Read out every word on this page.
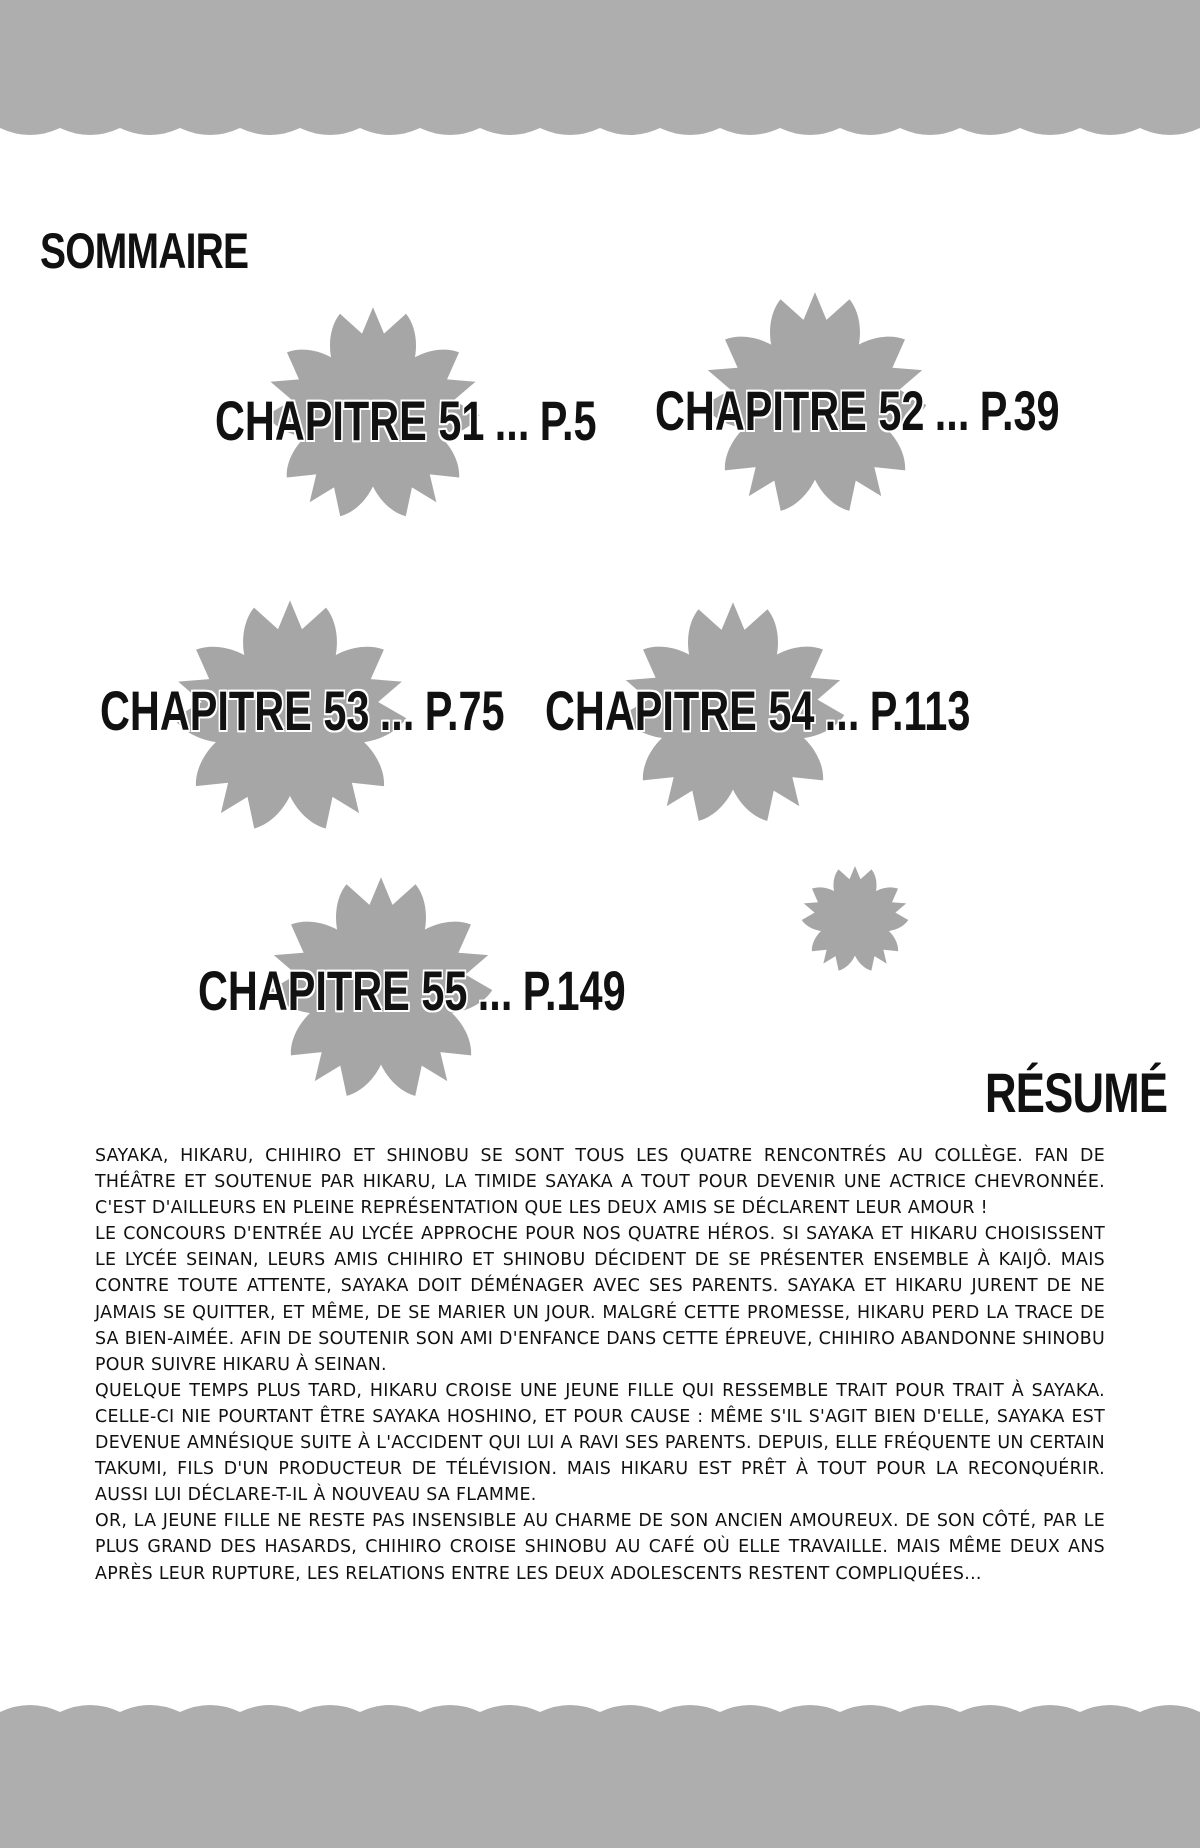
SOMMAIRE
CHAPITRE 51 ... P.5 CHAPITRE 52 ... P.39
CHAPITRE 53 ... P.75 CHAPITRE 54 ... P.113
CHAPITRE 55 ... P.149
RÉSUMÉ

SAYAKA, HIKARU, CHIHIRO ET SHINOBU SE SONT TOUS LES QUATRE RENCONTRÉS AU COLLÈGE. FAN DE THÉÂTRE ET SOUTENUE PAR HIKARU, LA TIMIDE SAYAKA A TOUT POUR DEVENIR UNE ACTRICE CHEVRONNÉE. C'EST D'AILLEURS EN PLEINE REPRÉSENTATION QUE LES DEUX AMIS SE DÉCLARENT LEUR AMOUR !

LE CONCOURS D'ENTRÉE AU LYCÉE APPROCHE POUR NOS QUATRE HÉROS. SI SAYAKA ET HIKARU CHOISISSENT LE LYCÉE SEINAN, LEURS AMIS CHIHIRO ET SHINOBU DÉCIDENT DE SE PRÉSENTER ENSEMBLE À KAIJÔ. MAIS CONTRE TOUTE ATTENTE, SAYAKA DOIT DÉMÉNAGER AVEC SES PARENTS. SAYAKA ET HIKARU JURENT DE NE JAMAIS SE QUITTER, ET MÊME, DE SE MARIER UN JOUR. MALGRÉ CETTE PROMESSE, HIKARU PERD LA TRACE DE SA BIEN-AIMÉE. AFIN DE SOUTENIR SON AMI D'ENFANCE DANS CETTE ÉPREUVE, CHIHIRO ABANDONNE SHINOBU POUR SUIVRE HIKARU À SEINAN.

QUELQUE TEMPS PLUS TARD, HIKARU CROISE UNE JEUNE FILLE QUI RESSEMBLE TRAIT POUR TRAIT À SAYAKA. CELLE-CI NIE POURTANT ÊTRE SAYAKA HOSHINO, ET POUR CAUSE : MÊME S'IL S'AGIT BIEN D'ELLE, SAYAKA EST DEVENUE AMNÉSIQUE SUITE À L'ACCIDENT QUI LUI A RAVI SES PARENTS. DEPUIS, ELLE FRÉQUENTE UN CERTAIN TAKUMI, FILS D'UN PRODUCTEUR DE TÉLÉVISION. MAIS HIKARU EST PRÊT À TOUT POUR LA RECONQUÉRIR. AUSSI LUI DÉCLARE-T-IL À NOUVEAU SA FLAMME.

OR, LA JEUNE FILLE NE RESTE PAS INSENSIBLE AU CHARME DE SON ANCIEN AMOUREUX. DE SON CÔTÉ, PAR LE PLUS GRAND DES HASARDS, CHIHIRO CROISE SHINOBU AU CAFÉ OÙ ELLE TRAVAILLE. MAIS MÊME DEUX ANS APRÈS LEUR RUPTURE, LES RELATIONS ENTRE LES DEUX ADOLESCENTS RESTENT COMPLIQUÉES...
